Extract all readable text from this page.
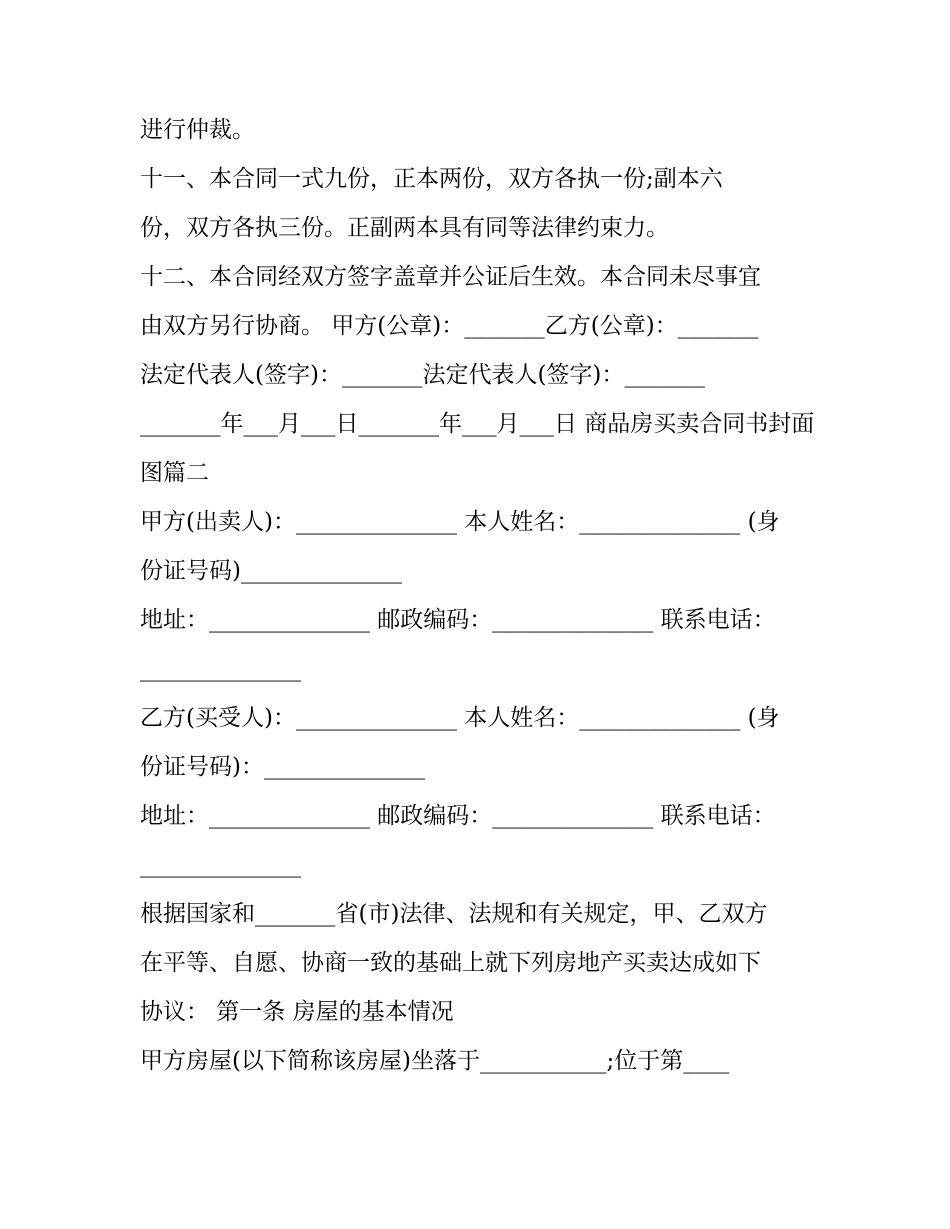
进行仲裁。
十一、本合同一式九份，正本两份，双方各执一份;副本六
份，双方各执三份。正副两本具有同等法律约束力。
十二、本合同经双方签字盖章并公证后生效。本合同未尽事宜
由双方另行协商。 甲方(公章)：_______乙方(公章)：_______
法定代表人(签字)：_______法定代表人(签字)：_______
_______年___月___日_______年___月___日 商品房买卖合同书封面
图篇二
甲方(出卖人)：______________ 本人姓名：______________ (身
份证号码)______________
地址：______________ 邮政编码：______________ 联系电话：
______________
乙方(买受人)：______________ 本人姓名：______________ (身
份证号码)：______________
地址：______________ 邮政编码：______________ 联系电话：
______________
根据国家和_______省(市)法律、法规和有关规定，甲、乙双方
在平等、自愿、协商一致的基础上就下列房地产买卖达成如下
协议： 第一条 房屋的基本情况
甲方房屋(以下简称该房屋)坐落于___________;位于第____
